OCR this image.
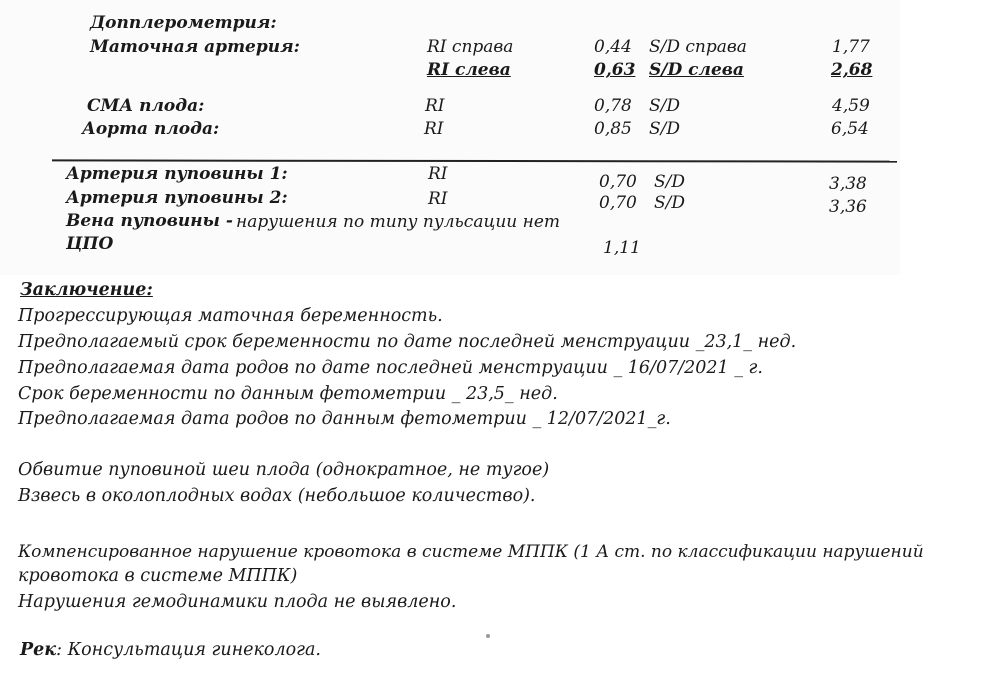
Допплерометрия:
Маточная артерия:	RI справа	0,44 S/D справа	1,77
RI слева	0,63 S/D слева	2,68
СМА плода:	RI	0,78 S/D	4,59
Аорта плода:	RI	0,85 S/D	6,54
Артерия пуповины 1:	RI	0,70 S/D	3,38
Артерия пуповины 2:	RI	0,70 S/D	3,36
Вена пуповины - нарушения по типу пульсации нет
ЦПО	1,11
Заключение:
Прогрессирующая маточная беременность.
Предполагаемый срок беременности по дате последней менструации _23,1_ нед.
Предполагаемая дата родов по дате последней менструации _ 16/07/2021 _ г.
Срок беременности по данным фетометрии _ 23,5_ нед.
Предполагаемая дата родов по данным фетометрии _ 12/07/2021_г.
Обвитие пуповиной шеи плода (однократное, не тугое)
Взвесь в околоплодных водах (небольшое количество).
Компенсированное нарушение кровотока в системе МППК (1 А ст. по классификации нарушений
кровотока в системе МППК)
Нарушения гемодинамики плода не выявлено.
Рек: Консультация гинеколога.
